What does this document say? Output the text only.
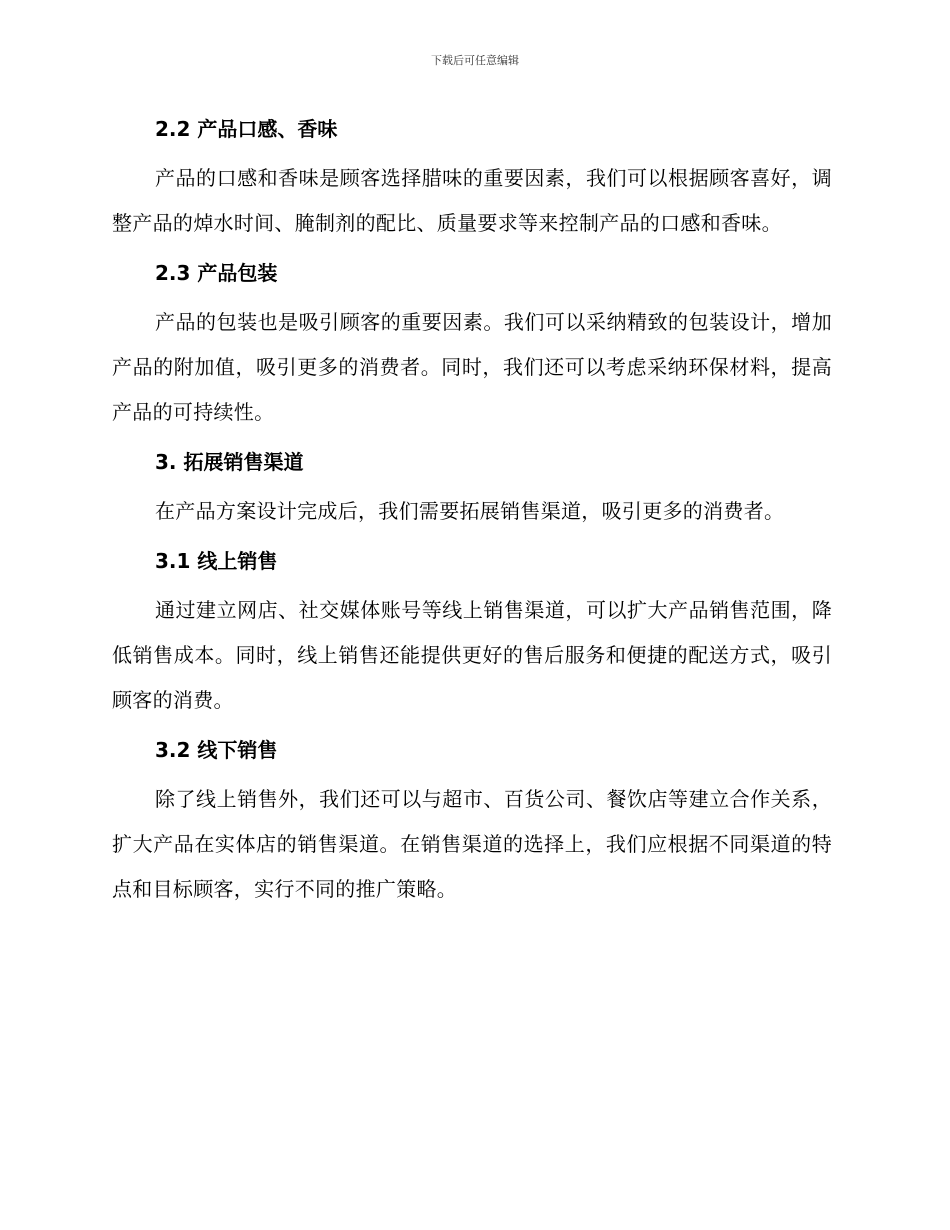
下载后可任意编辑
2.2 产品口感、香味
产品的口感和香味是顾客选择腊味的重要因素，我们可以根据顾客喜好，调整产品的焯水时间、腌制剂的配比、质量要求等来控制产品的口感和香味。
2.3 产品包装
产品的包装也是吸引顾客的重要因素。我们可以采纳精致的包装设计，增加产品的附加值，吸引更多的消费者。同时，我们还可以考虑采纳环保材料，提高产品的可持续性。
3. 拓展销售渠道
在产品方案设计完成后，我们需要拓展销售渠道，吸引更多的消费者。
3.1 线上销售
通过建立网店、社交媒体账号等线上销售渠道，可以扩大产品销售范围，降低销售成本。同时，线上销售还能提供更好的售后服务和便捷的配送方式，吸引顾客的消费。
3.2 线下销售
除了线上销售外，我们还可以与超市、百货公司、餐饮店等建立合作关系，扩大产品在实体店的销售渠道。在销售渠道的选择上，我们应根据不同渠道的特点和目标顾客，实行不同的推广策略。
